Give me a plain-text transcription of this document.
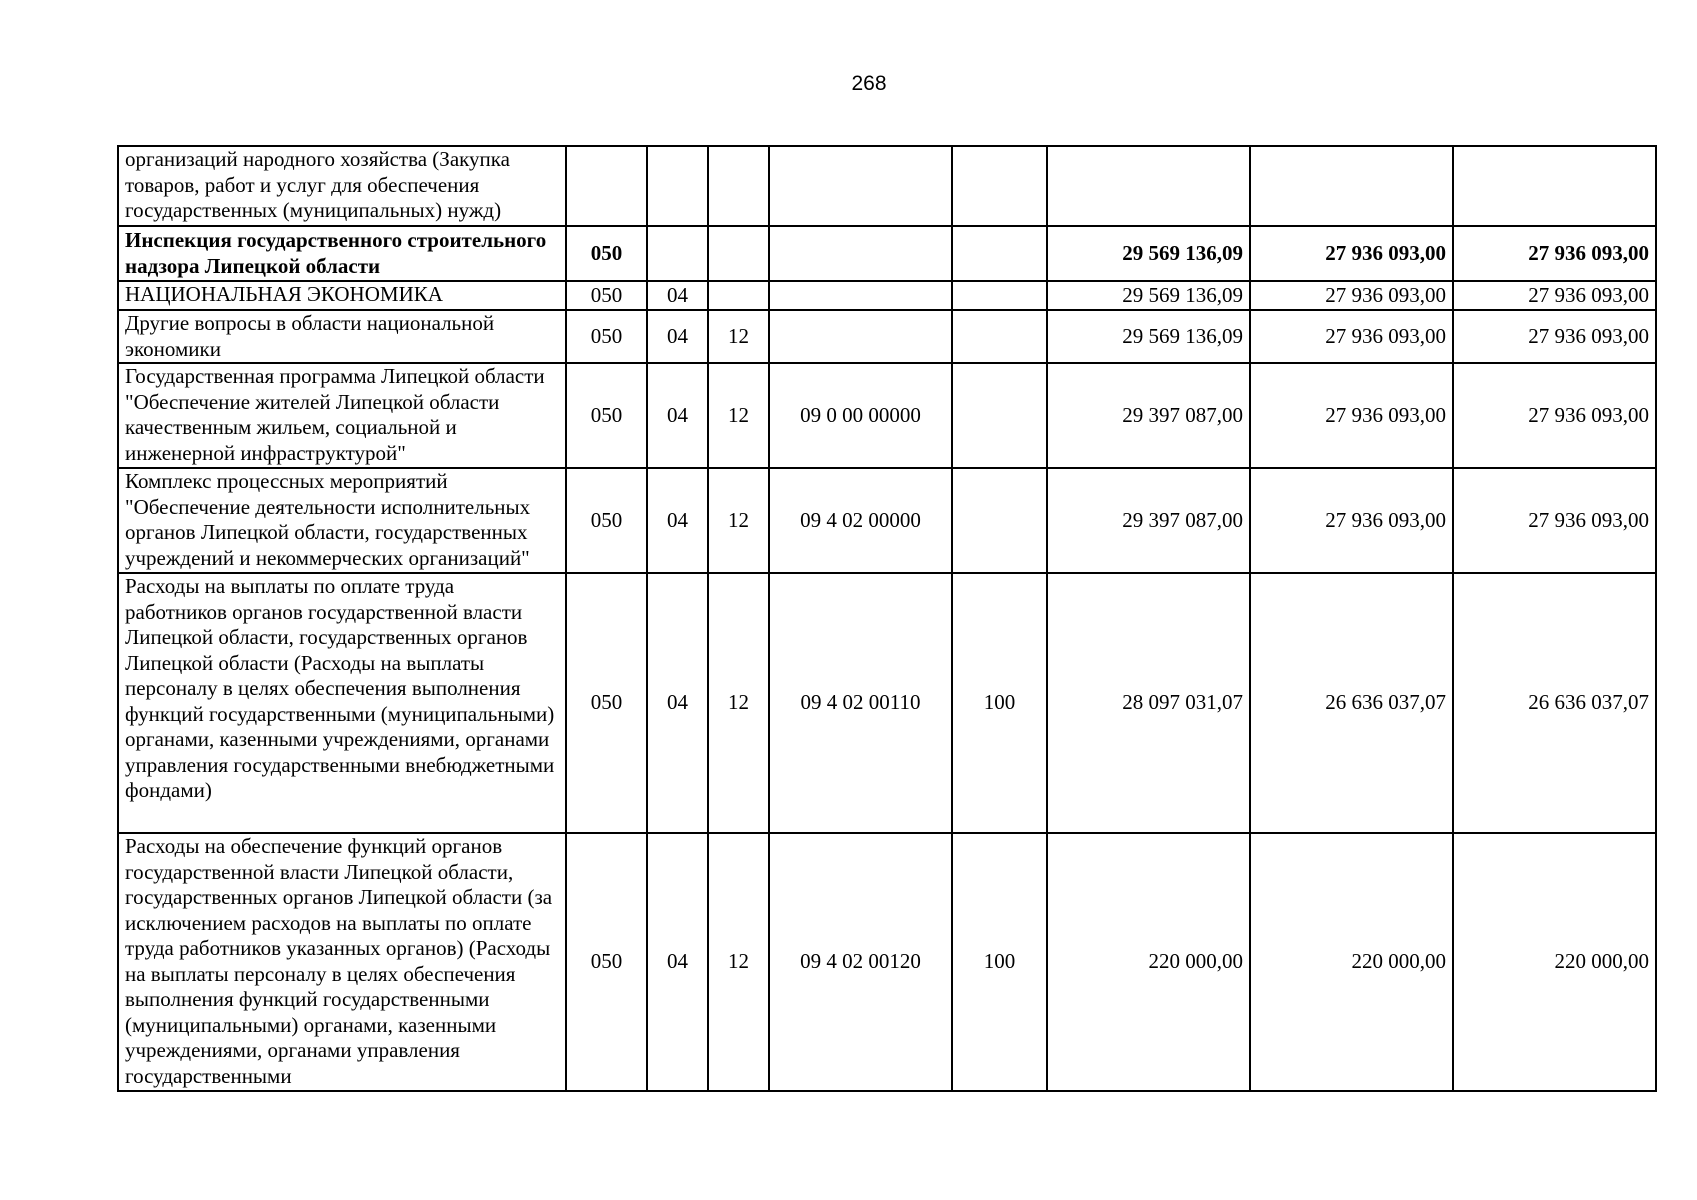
268
организаций народного хозяйства (Закупка товаров, работ и услуг для обеспечения государственных (муниципальных) нужд)								
Инспекция государственного строительного надзора Липецкой области	050					29 569 136,09	27 936 093,00	27 936 093,00
НАЦИОНАЛЬНАЯ ЭКОНОМИКА	050	04				29 569 136,09	27 936 093,00	27 936 093,00
Другие вопросы в области национальной экономики	050	04	12			29 569 136,09	27 936 093,00	27 936 093,00
Государственная программа Липецкой области "Обеспечение жителей Липецкой области качественным жильем, социальной и инженерной инфраструктурой"	050	04	12	09 0 00 00000		29 397 087,00	27 936 093,00	27 936 093,00
Комплекс процессных мероприятий "Обеспечение деятельности исполнительных органов Липецкой области, государственных учреждений и некоммерческих организаций"	050	04	12	09 4 02 00000		29 397 087,00	27 936 093,00	27 936 093,00
Расходы на выплаты по оплате труда работников органов государственной власти Липецкой области, государственных органов Липецкой области (Расходы на выплаты персоналу в целях обеспечения выполнения функций государственными (муниципальными) органами, казенными учреждениями, органами управления государственными внебюджетными фондами)	050	04	12	09 4 02 00110	100	28 097 031,07	26 636 037,07	26 636 037,07
Расходы на обеспечение функций органов государственной власти Липецкой области, государственных органов Липецкой области (за исключением расходов на выплаты по оплате труда работников указанных органов) (Расходы на выплаты персоналу в целях обеспечения выполнения функций государственными (муниципальными) органами, казенными учреждениями, органами управления государственными	050	04	12	09 4 02 00120	100	220 000,00	220 000,00	220 000,00
